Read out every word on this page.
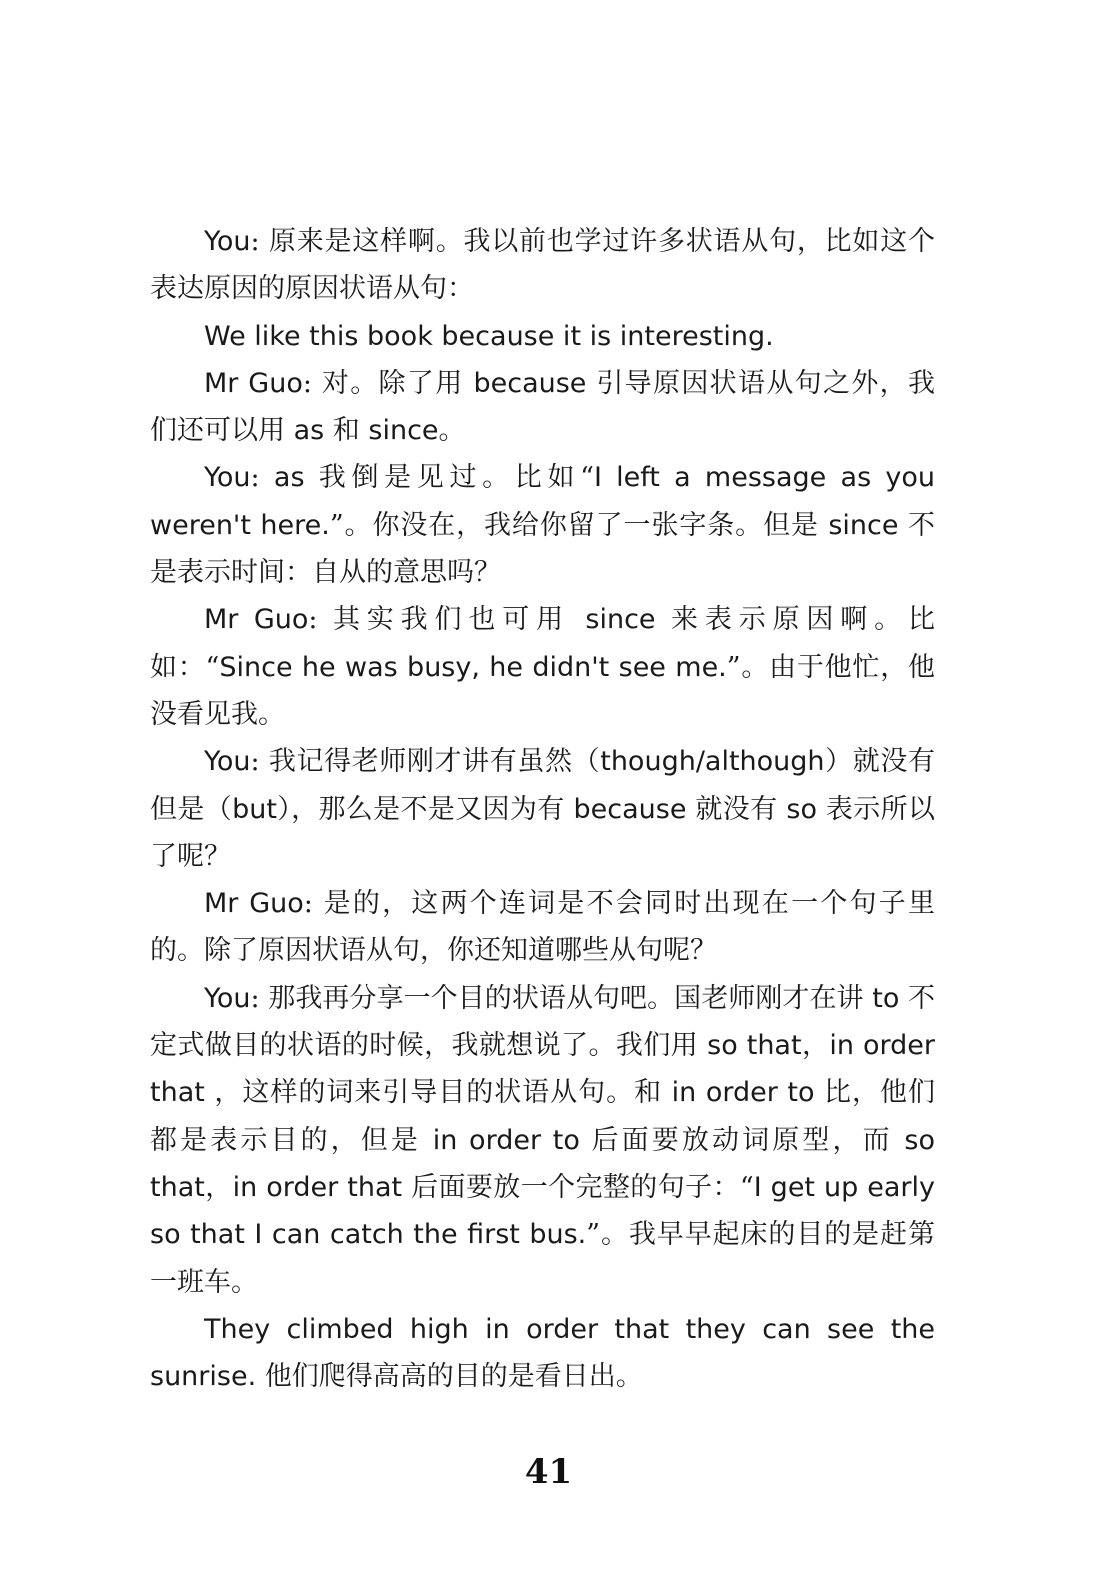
You: 原来是这样啊。我以前也学过许多状语从句，比如这个表达原因的原因状语从句：

We like this book because it is interesting.

Mr Guo: 对。除了用 because 引导原因状语从句之外，我们还可以用 as 和 since。

You: as 我倒是见过。比如“I left a message as you weren't here.”。你没在，我给你留了一张字条。但是 since 不是表示时间：自从的意思吗？

Mr Guo: 其实我们也可用 since 来表示原因啊。比如：“Since he was busy, he didn't see me.”。由于他忙，他没看见我。

You: 我记得老师刚才讲有虽然（though/although）就没有但是（but），那么是不是又因为有 because 就没有 so 表示所以了呢？

Mr Guo: 是的，这两个连词是不会同时出现在一个句子里的。除了原因状语从句，你还知道哪些从句呢？

You: 那我再分享一个目的状语从句吧。国老师刚才在讲 to 不定式做目的状语的时候，我就想说了。我们用 so that，in order that ，这样的词来引导目的状语从句。和 in order to 比，他们都是表示目的，但是 in order to 后面要放动词原型，而 so that，in order that 后面要放一个完整的句子：“I get up early so that I can catch the first bus.”。我早早起床的目的是赶第一班车。

They climbed high in order that they can see the sunrise. 他们爬得高高的目的是看日出。

41
